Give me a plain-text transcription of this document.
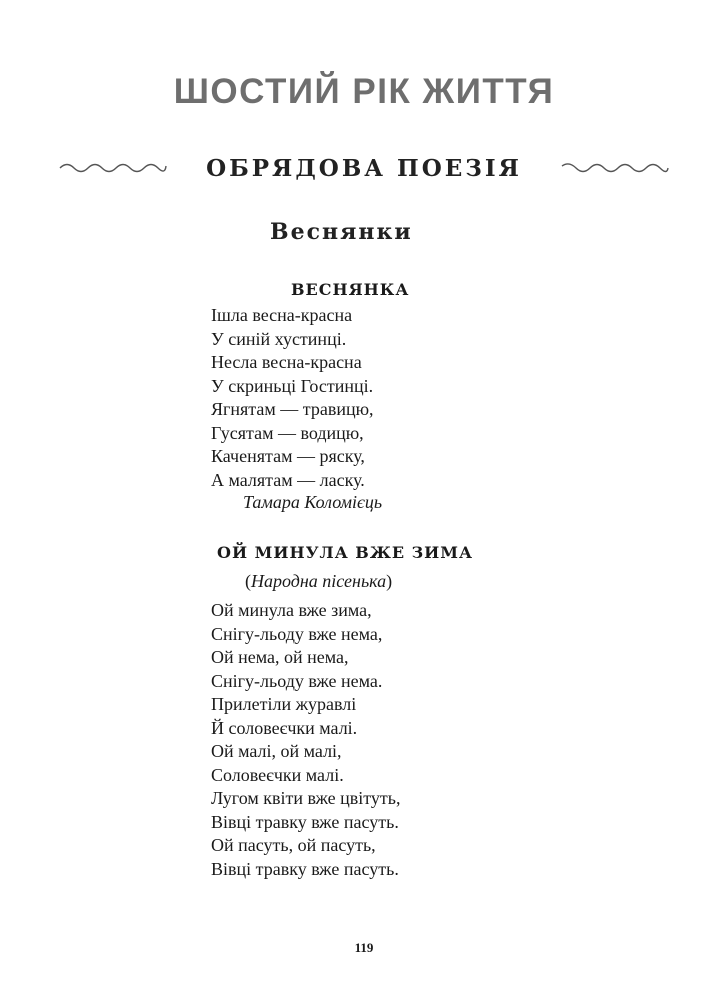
ШОСТИЙ РІК ЖИТТЯ
ОБРЯДОВА ПОЕЗІЯ
Веснянки
ВЕСНЯНКА
Ішла весна-красна
У синій хустинці.
Несла весна-красна
У скриньці Гостинці.
Ягнятам — травицю,
Гусятам — водицю,
Каченятам — ряску,
А малятам — ласку.
Тамара Коломієць
ОЙ МИНУЛА ВЖЕ ЗИМА
(Народна пісенька)
Ой минула вже зима,
Снігу-льоду вже нема,
Ой нема, ой нема,
Снігу-льоду вже нема.
Прилетіли журавлі
Й соловеєчки малі.
Ой малі, ой малі,
Соловеєчки малі.
Лугом квіти вже цвітуть,
Вівці травку вже пасуть.
Ой пасуть, ой пасуть,
Вівці травку вже пасуть.
119
